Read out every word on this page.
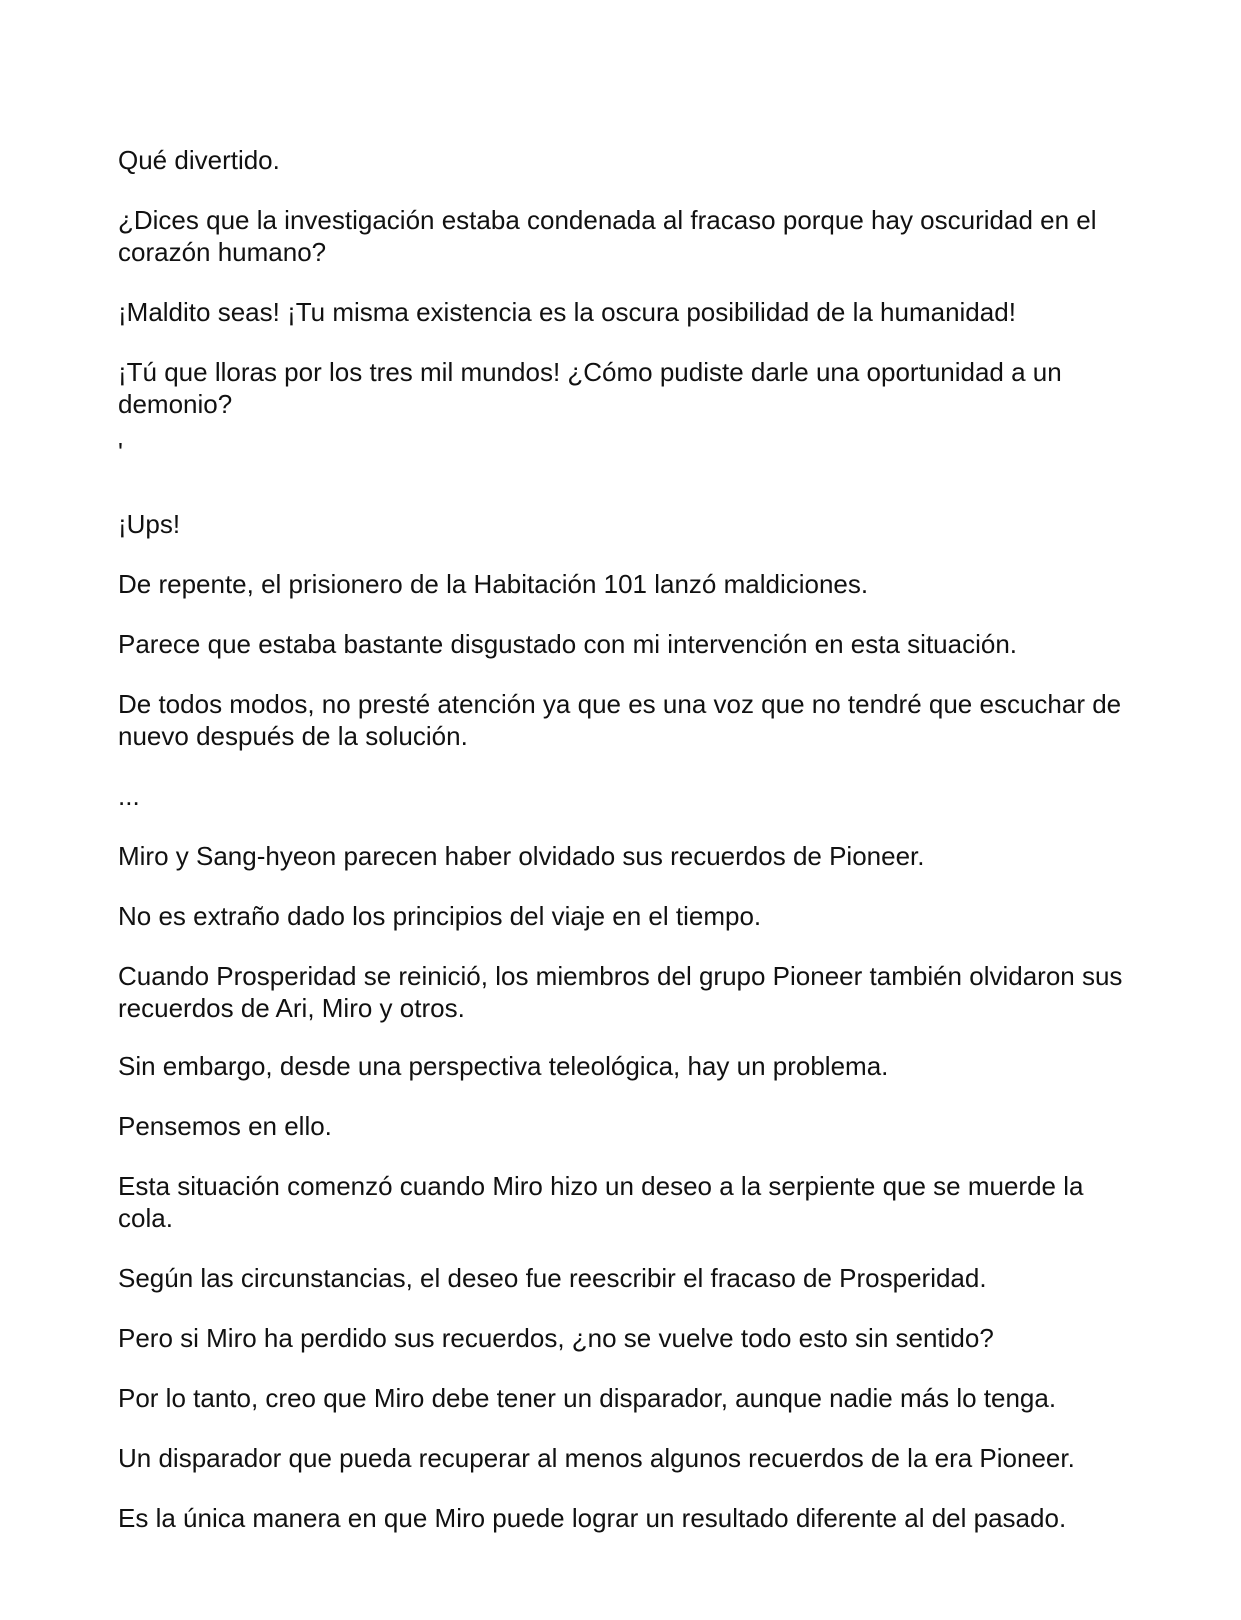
Qué divertido.

¿Dices que la investigación estaba condenada al fracaso porque hay oscuridad en el corazón humano?

¡Maldito seas! ¡Tu misma existencia es la oscura posibilidad de la humanidad!

¡Tú que lloras por los tres mil mundos! ¿Cómo pudiste darle una oportunidad a un demonio?

'

¡Ups!

De repente, el prisionero de la Habitación 101 lanzó maldiciones.

Parece que estaba bastante disgustado con mi intervención en esta situación.

De todos modos, no presté atención ya que es una voz que no tendré que escuchar de nuevo después de la solución.

...

Miro y Sang-hyeon parecen haber olvidado sus recuerdos de Pioneer.

No es extraño dado los principios del viaje en el tiempo.

Cuando Prosperidad se reinició, los miembros del grupo Pioneer también olvidaron sus recuerdos de Ari, Miro y otros.

Sin embargo, desde una perspectiva teleológica, hay un problema.

Pensemos en ello.

Esta situación comenzó cuando Miro hizo un deseo a la serpiente que se muerde la cola.

Según las circunstancias, el deseo fue reescribir el fracaso de Prosperidad.

Pero si Miro ha perdido sus recuerdos, ¿no se vuelve todo esto sin sentido?

Por lo tanto, creo que Miro debe tener un disparador, aunque nadie más lo tenga.

Un disparador que pueda recuperar al menos algunos recuerdos de la era Pioneer.

Es la única manera en que Miro puede lograr un resultado diferente al del pasado.
